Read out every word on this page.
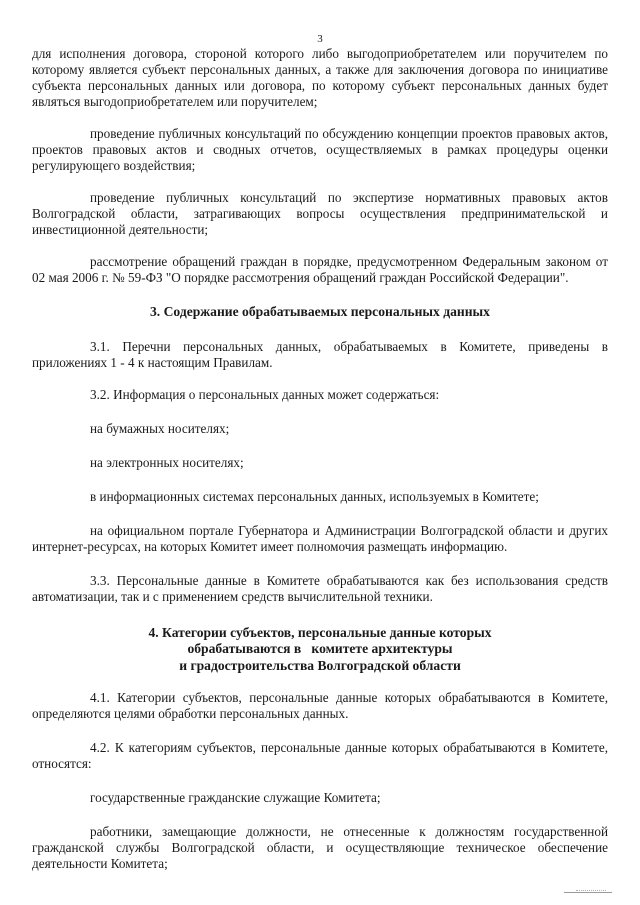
3

для исполнения договора, стороной которого либо выгодоприобретателем или поручителем по которому является субъект персональных данных, а также для заключения договора по инициативе субъекта персональных данных или договора, по которому субъект персональных данных будет являться выгодоприобретателем или поручителем;

проведение публичных консультаций по обсуждению концепции проектов правовых актов, проектов правовых актов и сводных отчетов, осуществляемых в рамках процедуры оценки регулирующего воздействия;

проведение публичных консультаций по экспертизе нормативных правовых актов Волгоградской области, затрагивающих вопросы осуществления предпринимательской и инвестиционной деятельности;

рассмотрение обращений граждан в порядке, предусмотренном Федеральным законом от 02 мая 2006 г. № 59-ФЗ "О порядке рассмотрения обращений граждан Российской Федерации".

3. Содержание обрабатываемых персональных данных

3.1. Перечни персональных данных, обрабатываемых в Комитете, приведены в приложениях 1 - 4 к настоящим Правилам.

3.2. Информация о персональных данных может содержаться:

на бумажных носителях;

на электронных носителях;

в информационных системах персональных данных, используемых в Комитете;

на официальном портале Губернатора и Администрации Волгоградской области и других интернет-ресурсах, на которых Комитет имеет полномочия размещать информацию.

3.3. Персональные данные в Комитете обрабатываются как без использования средств автоматизации, так и с применением средств вычислительной техники.

4. Категории субъектов, персональные данные которых
обрабатываются в   комитете архитектуры
и градостроительства Волгоградской области

4.1. Категории субъектов, персональные данные которых обрабатываются в Комитете, определяются целями обработки персональных данных.

4.2. К категориям субъектов, персональные данные которых обрабатываются в Комитете, относятся:

государственные гражданские служащие Комитета;

работники, замещающие должности, не отнесенные к должностям государственной гражданской службы Волгоградской области, и осуществляющие техническое обеспечение деятельности Комитета;
